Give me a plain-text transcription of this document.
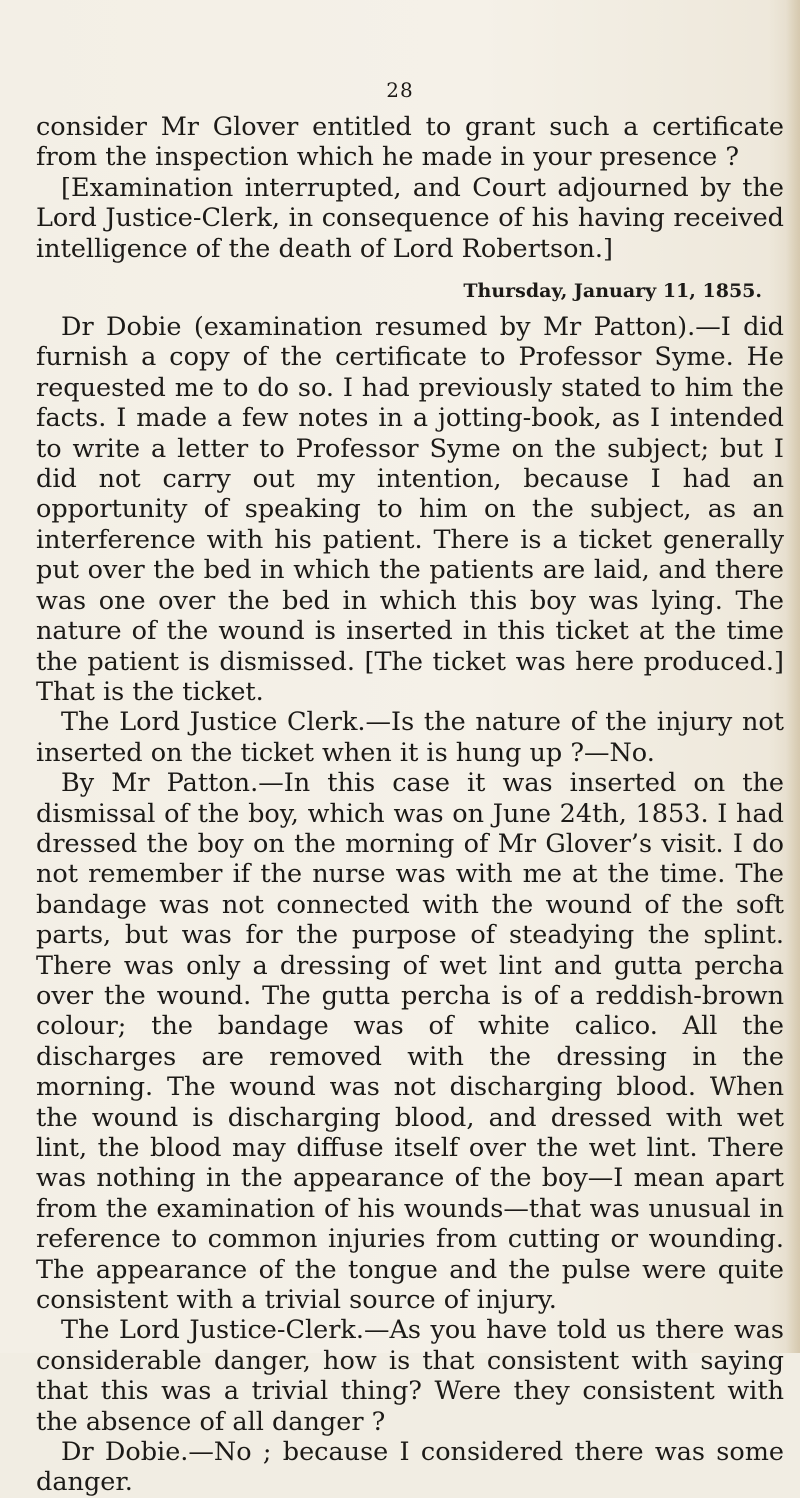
28

consider Mr Glover entitled to grant such a certificate from the inspection which he made in your presence ?

[Examination interrupted, and Court adjourned by the Lord Justice-Clerk, in consequence of his having received intelligence of the death of Lord Robertson.]

Thursday, January 11, 1855.

Dr Dobie (examination resumed by Mr Patton).—I did furnish a copy of the certificate to Professor Syme. He requested me to do so. I had previously stated to him the facts. I made a few notes in a jotting-book, as I intended to write a letter to Professor Syme on the subject; but I did not carry out my intention, because I had an opportunity of speaking to him on the subject, as an interference with his patient. There is a ticket generally put over the bed in which the patients are laid, and there was one over the bed in which this boy was lying. The nature of the wound is inserted in this ticket at the time the patient is dismissed. [The ticket was here produced.] That is the ticket.

The Lord Justice Clerk.—Is the nature of the injury not inserted on the ticket when it is hung up ?—No.

By Mr Patton.—In this case it was inserted on the dismissal of the boy, which was on June 24th, 1853. I had dressed the boy on the morning of Mr Glover’s visit. I do not remember if the nurse was with me at the time. The bandage was not connected with the wound of the soft parts, but was for the purpose of steadying the splint. There was only a dressing of wet lint and gutta percha over the wound. The gutta percha is of a reddish-brown colour; the bandage was of white calico. All the discharges are removed with the dressing in the morning. The wound was not discharging blood. When the wound is discharging blood, and dressed with wet lint, the blood may diffuse itself over the wet lint. There was nothing in the appearance of the boy—I mean apart from the examination of his wounds—that was unusual in reference to common injuries from cutting or wounding. The appearance of the tongue and the pulse were quite consistent with a trivial source of injury.

The Lord Justice-Clerk.—As you have told us there was considerable danger, how is that consistent with saying that this was a trivial thing? Were they consistent with the absence of all danger ?

Dr Dobie.—No ; because I considered there was some danger.
